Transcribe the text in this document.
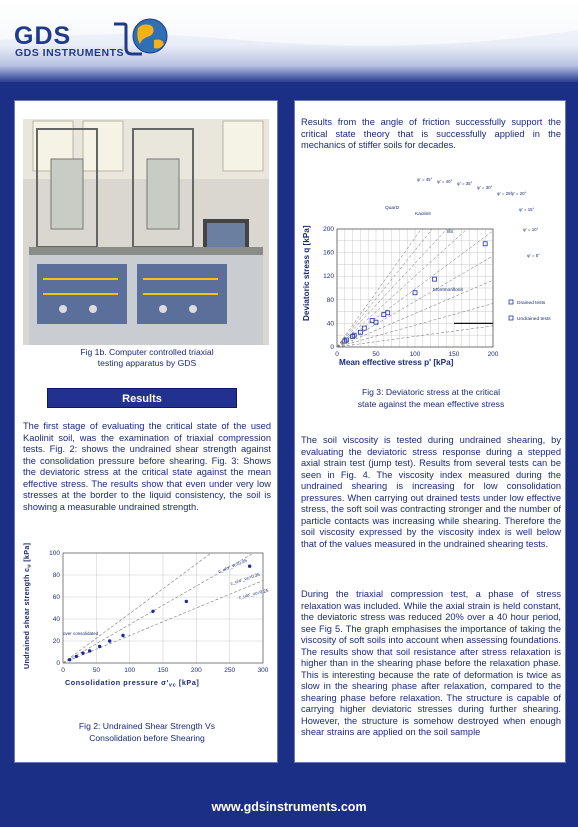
GDS
GDS INSTRUMENTS
Fig 1b. Computer controlled triaxial
testing apparatus by GDS
The first stage of evaluating the critical state of the used Kaolinit soil, was the examination of triaxial compression tests. Fig. 2: shows the undrained shear strength against the consolidation pressure before shearing. Fig. 3: Shows the deviatoric stress at the critical state against the mean effective stress. The results show that even under very low stresses at the border to the liquid consistency, the soil is showing a measurable undrained strength.
0	50	100	150	200	250	300
0
20
40
60
80
100
Consolidation pressure $\sigma'_{vc}$ [kPa]
Undrained shear strength $c_u$ [kPa]
over consolidated
c_u/σ'_vc=0.45
c_u/σ'_vc=0.35
c_u/σ'_vc=0.25
Fig 2: Undrained Shear Strength Vs
Consolidation before Shearing
Results
Results from the angle of friction successfully support the critical state theory that is successfully applied in the mechanics of stiffer soils for decades.
0	50	100	150	200
0
40
80
120
160
200
Mean effective stress p' [kPa]
Deviatoric stress q [kPa]
Quartz
Kaolinit
Illit
Montmorillonit
Drained tests
Undrained tests
φ' = 45° φ' = 40° φ' = 35°
φ' = 30°
φ' = 25°
φ' = 20°
φ' = 15°
φ' = 10°
φ' = 5°
Fig 3: Deviatoric stress at the critical
state against the mean effective stress
The soil viscosity is tested during undrained shearing, by evaluating the deviatoric stress response during a stepped axial strain test (jump test). Results from several tests can be seen in Fig. 4. The viscosity index measured during the undrained shearing is increasing for low consolidation pressures. When carrying out drained tests under low effective stress, the soft soil was contracting stronger and the number of particle contacts was increasing while shearing. Therefore the soil viscosity expressed by the viscosity index is well below that of the values measured in the undrained shearing tests.
During the triaxial compression test, a phase of stress relaxation was included. While the axial strain is held constant, the deviatoric stress was reduced 20% over a 40 hour period, see Fig 5. The graph emphasises the importance of taking the viscosity of soft soils into account when assessing foundations. The results show that soil resistance after stress relaxation is higher than in the shearing phase before the relaxation phase. This is interesting because the rate of deformation is twice as slow in the shearing phase after relaxation, compared to the shearing phase before relaxation. The structure is capable of carrying higher deviatoric stresses during further shearing. However, the structure is somehow destroyed when enough shear strains are applied on the soil sample
www.gdsinstruments.com
